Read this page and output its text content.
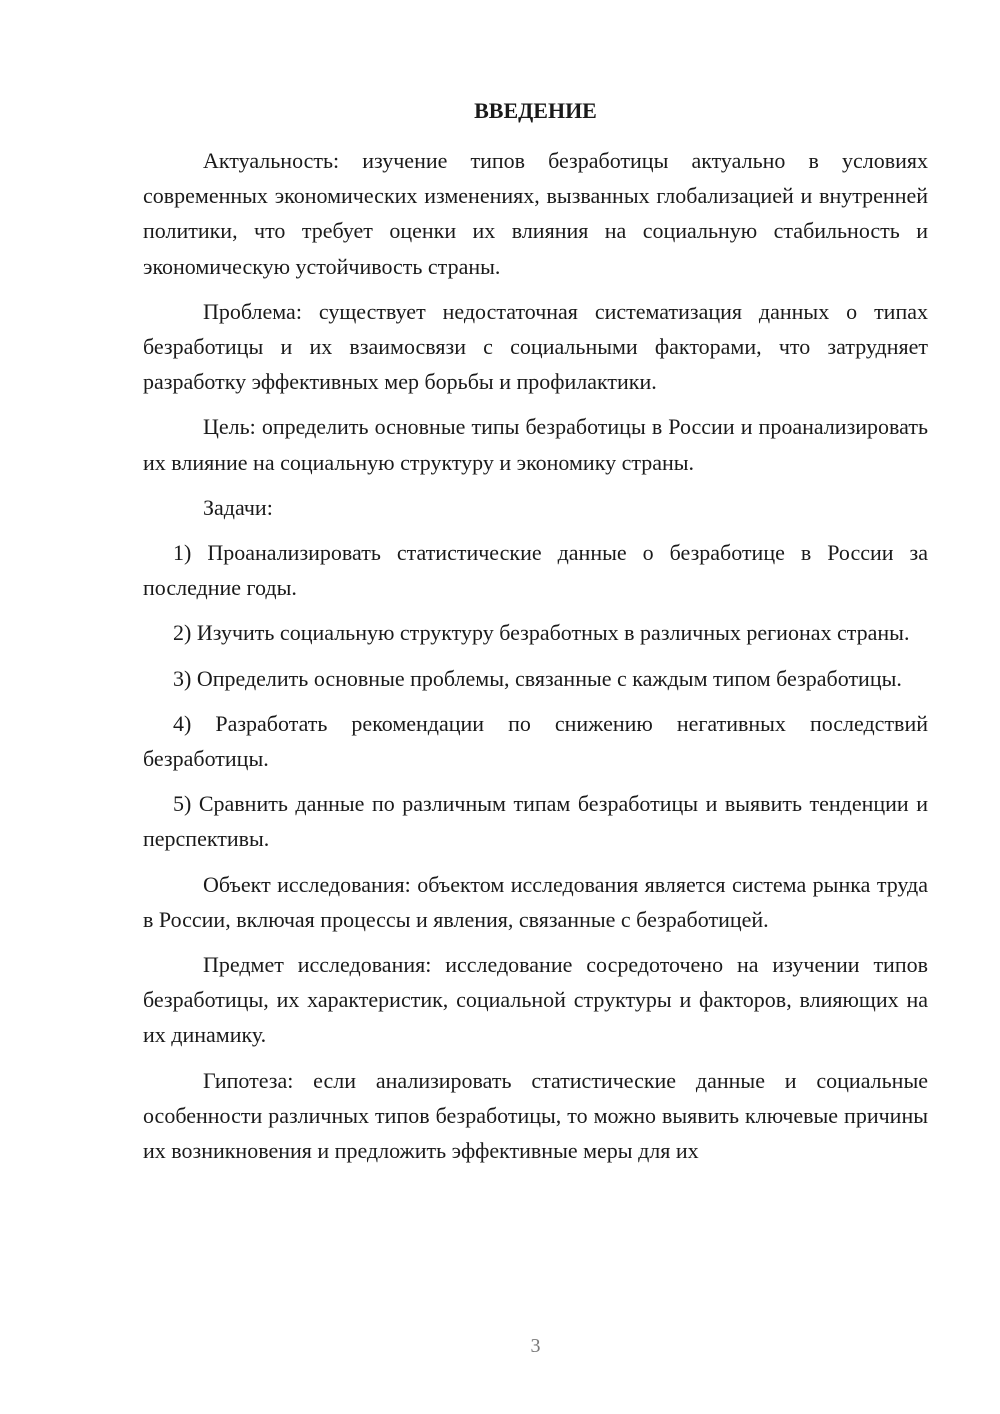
ВВЕДЕНИЕ

Актуальность: изучение типов безработицы актуально в условиях современных экономических изменениях, вызванных глобализацией и внутренней политики, что требует оценки их влияния на социальную стабильность и экономическую устойчивость страны.

Проблема: существует недостаточная систематизация данных о типах безработицы и их взаимосвязи с социальными факторами, что затрудняет разработку эффективных мер борьбы и профилактики.

Цель: определить основные типы безработицы в России и проанализировать их влияние на социальную структуру и экономику страны.

Задачи:

1) Проанализировать статистические данные о безработице в России за последние годы.

2) Изучить социальную структуру безработных в различных регионах страны.

3) Определить основные проблемы, связанные с каждым типом безработицы.

4) Разработать рекомендации по снижению негативных последствий безработицы.

5) Сравнить данные по различным типам безработицы и выявить тенденции и перспективы.

Объект исследования: объектом исследования является система рынка труда в России, включая процессы и явления, связанные с безработицей.

Предмет исследования: исследование сосредоточено на изучении типов безработицы, их характеристик, социальной структуры и факторов, влияющих на их динамику.

Гипотеза: если анализировать статистические данные и социальные особенности различных типов безработицы, то можно выявить ключевые причины их возникновения и предложить эффективные меры для их

3
